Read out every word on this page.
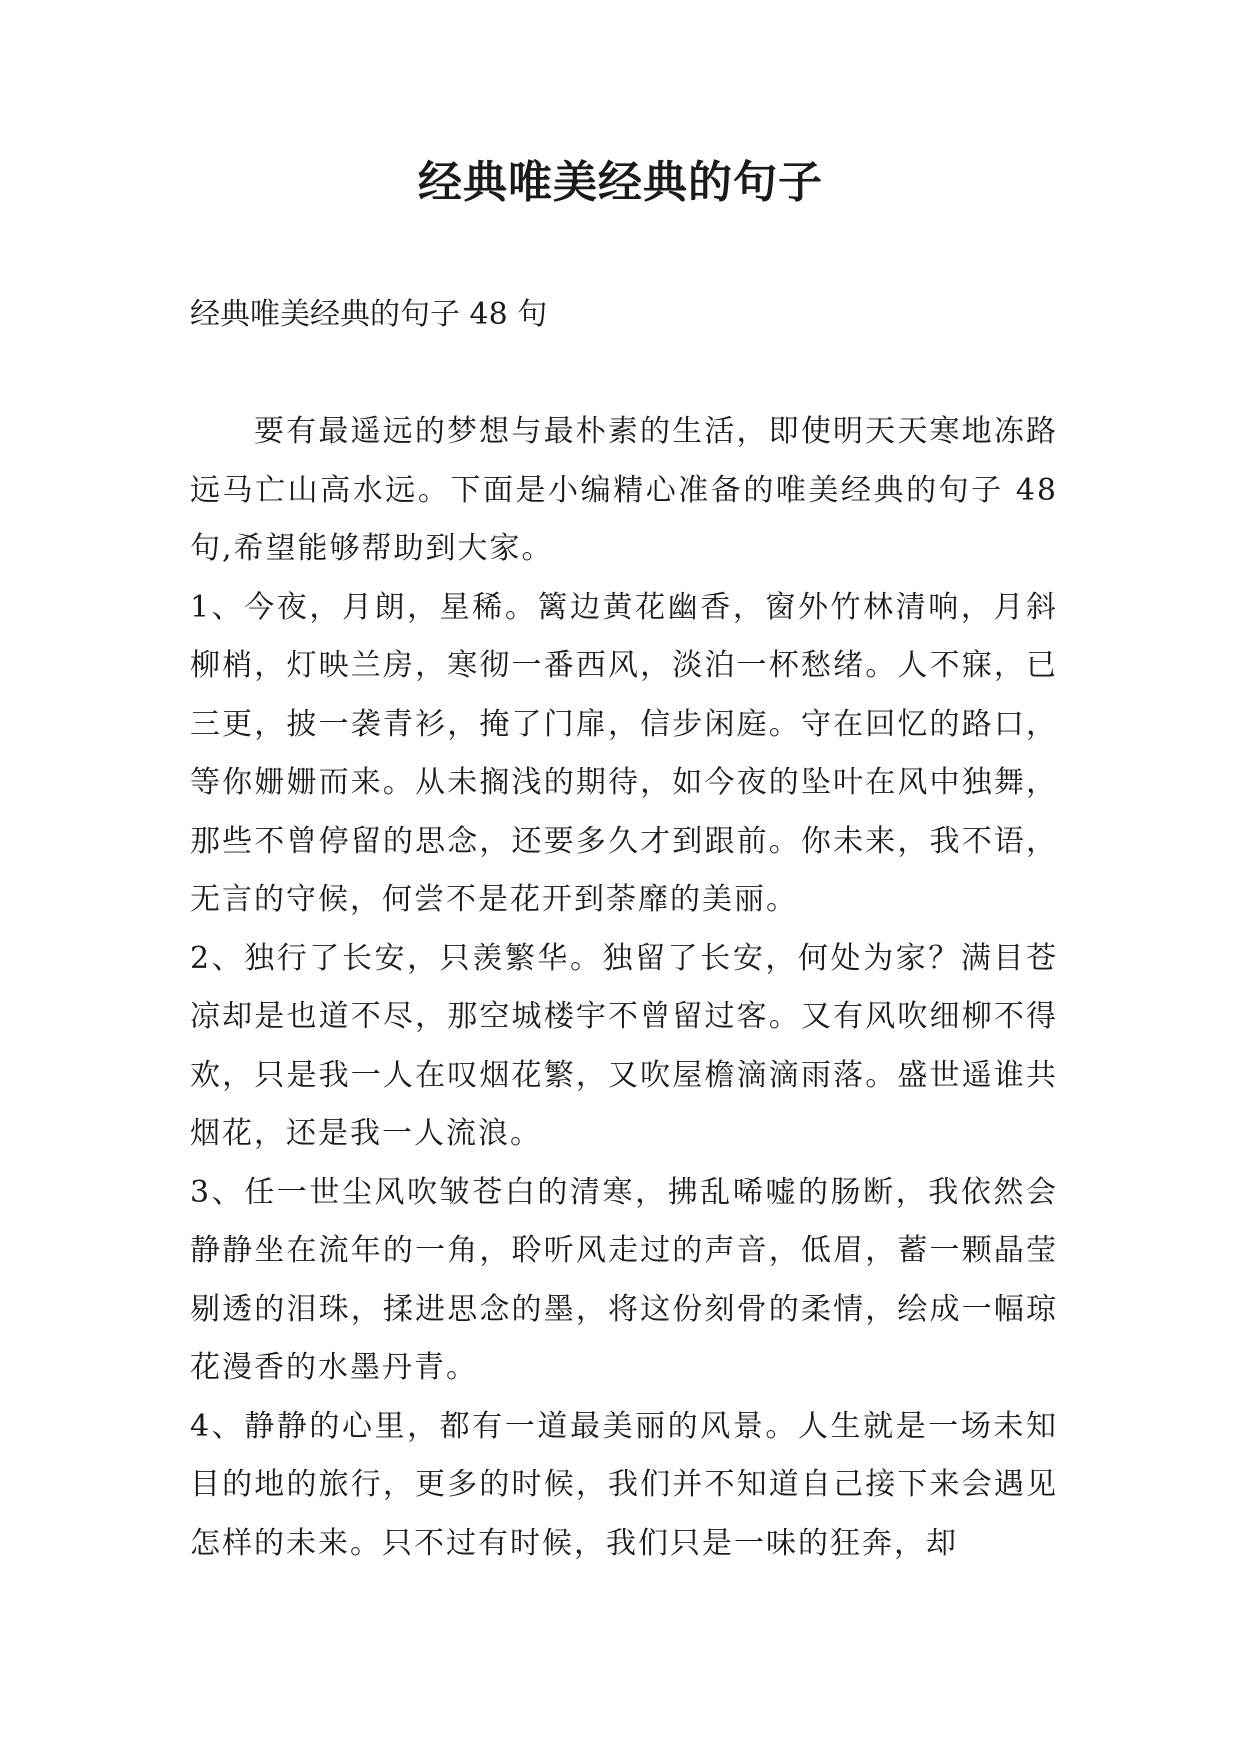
经典唯美经典的句子

经典唯美经典的句子 48 句

要有最遥远的梦想与最朴素的生活，即使明天天寒地冻路远马亡山高水远。下面是小编精心准备的唯美经典的句子 48 句,希望能够帮助到大家。

1、今夜，月朗，星稀。篱边黄花幽香，窗外竹林清响，月斜柳梢，灯映兰房，寒彻一番西风，淡泊一杯愁绪。人不寐，已三更，披一袭青衫，掩了门扉，信步闲庭。守在回忆的路口，等你姗姗而来。从未搁浅的期待，如今夜的坠叶在风中独舞，那些不曾停留的思念，还要多久才到跟前。你未来，我不语，无言的守候，何尝不是花开到荼靡的美丽。

2、独行了长安，只羡繁华。独留了长安，何处为家？满目苍凉却是也道不尽，那空城楼宇不曾留过客。又有风吹细柳不得欢，只是我一人在叹烟花繁，又吹屋檐滴滴雨落。盛世遥谁共烟花，还是我一人流浪。

3、任一世尘风吹皱苍白的清寒，拂乱唏嘘的肠断，我依然会静静坐在流年的一角，聆听风走过的声音，低眉，蓄一颗晶莹剔透的泪珠，揉进思念的墨，将这份刻骨的柔情，绘成一幅琼花漫香的水墨丹青。

4、静静的心里，都有一道最美丽的风景。人生就是一场未知目的地的旅行，更多的时候，我们并不知道自己接下来会遇见怎样的未来。只不过有时候，我们只是一味的狂奔，却
